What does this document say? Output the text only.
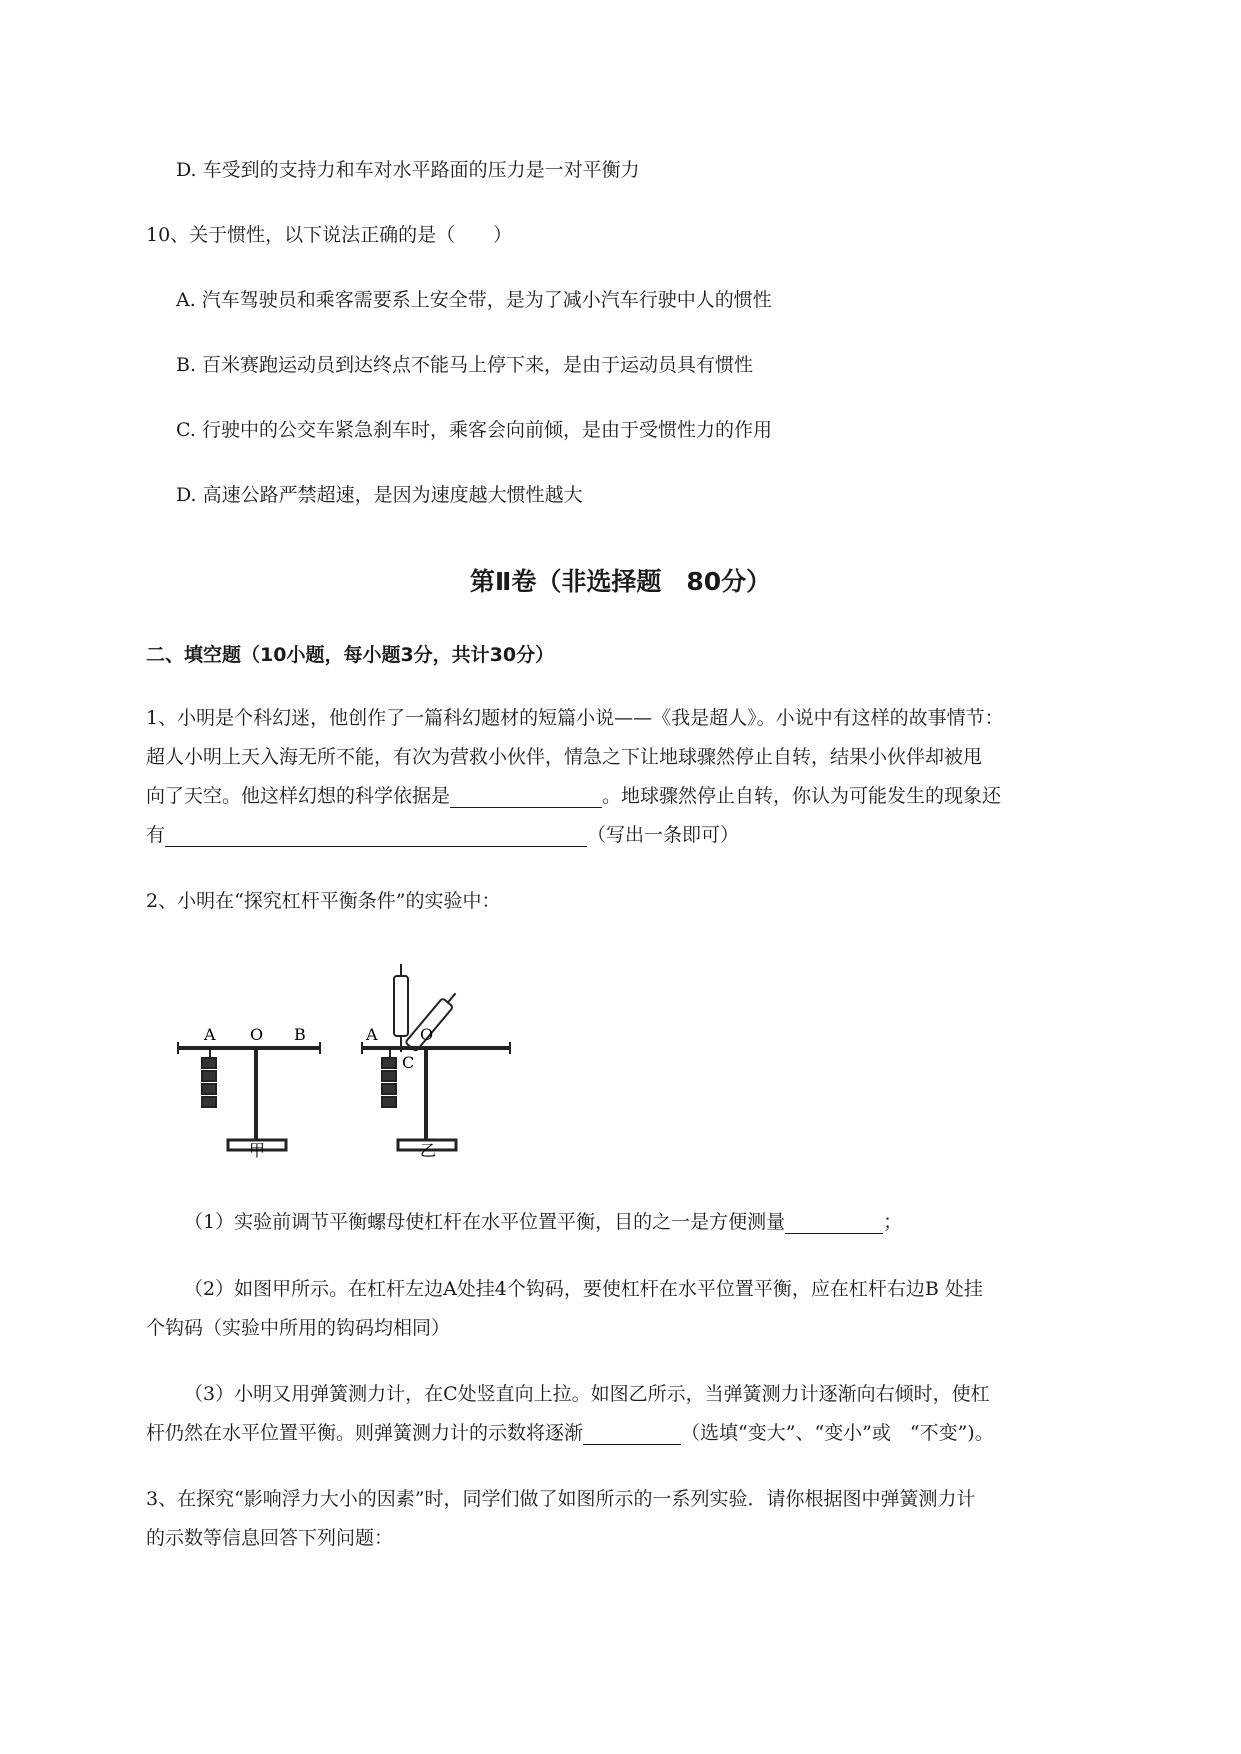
D. 车受到的支持力和车对水平路面的压力是一对平衡力
10、关于惯性，以下说法正确的是（　　）
A. 汽车驾驶员和乘客需要系上安全带，是为了减小汽车行驶中人的惯性
B. 百米赛跑运动员到达终点不能马上停下来，是由于运动员具有惯性
C. 行驶中的公交车紧急刹车时，乘客会向前倾，是由于受惯性力的作用
D. 高速公路严禁超速，是因为速度越大惯性越大
第Ⅱ卷（非选择题　80分）
二、填空题（10小题，每小题3分，共计30分）
1、小明是个科幻迷，他创作了一篇科幻题材的短篇小说——《我是超人》。小说中有这样的故事情节：
超人小明上天入海无所不能，有次为营救小伙伴，情急之下让地球骤然停止自转，结果小伙伴却被甩
向了天空。他这样幻想的科学依据是	。地球骤然停止自转，你认为可能发生的现象还
有	（写出一条即可）
2、小明在“探究杠杆平衡条件”的实验中：
A O B
甲
A	O
C
乙
（1）实验前调节平衡螺母使杠杆在水平位置平衡，目的之一是方便测量	；
（2）如图甲所示。在杠杆左边A处挂4个钩码，要使杠杆在水平位置平衡，应在杠杆右边B 处挂
个钩码（实验中所用的钩码均相同）
（3）小明又用弹簧测力计，在C处竖直向上拉。如图乙所示，当弹簧测力计逐渐向右倾时，使杠
杆仍然在水平位置平衡。则弹簧测力计的示数将逐渐	（选填“变大”、“变小”或　“不变”)。
3、在探究“影响浮力大小的因素”时，同学们做了如图所示的一系列实验．请你根据图中弹簧测力计
的示数等信息回答下列问题：
